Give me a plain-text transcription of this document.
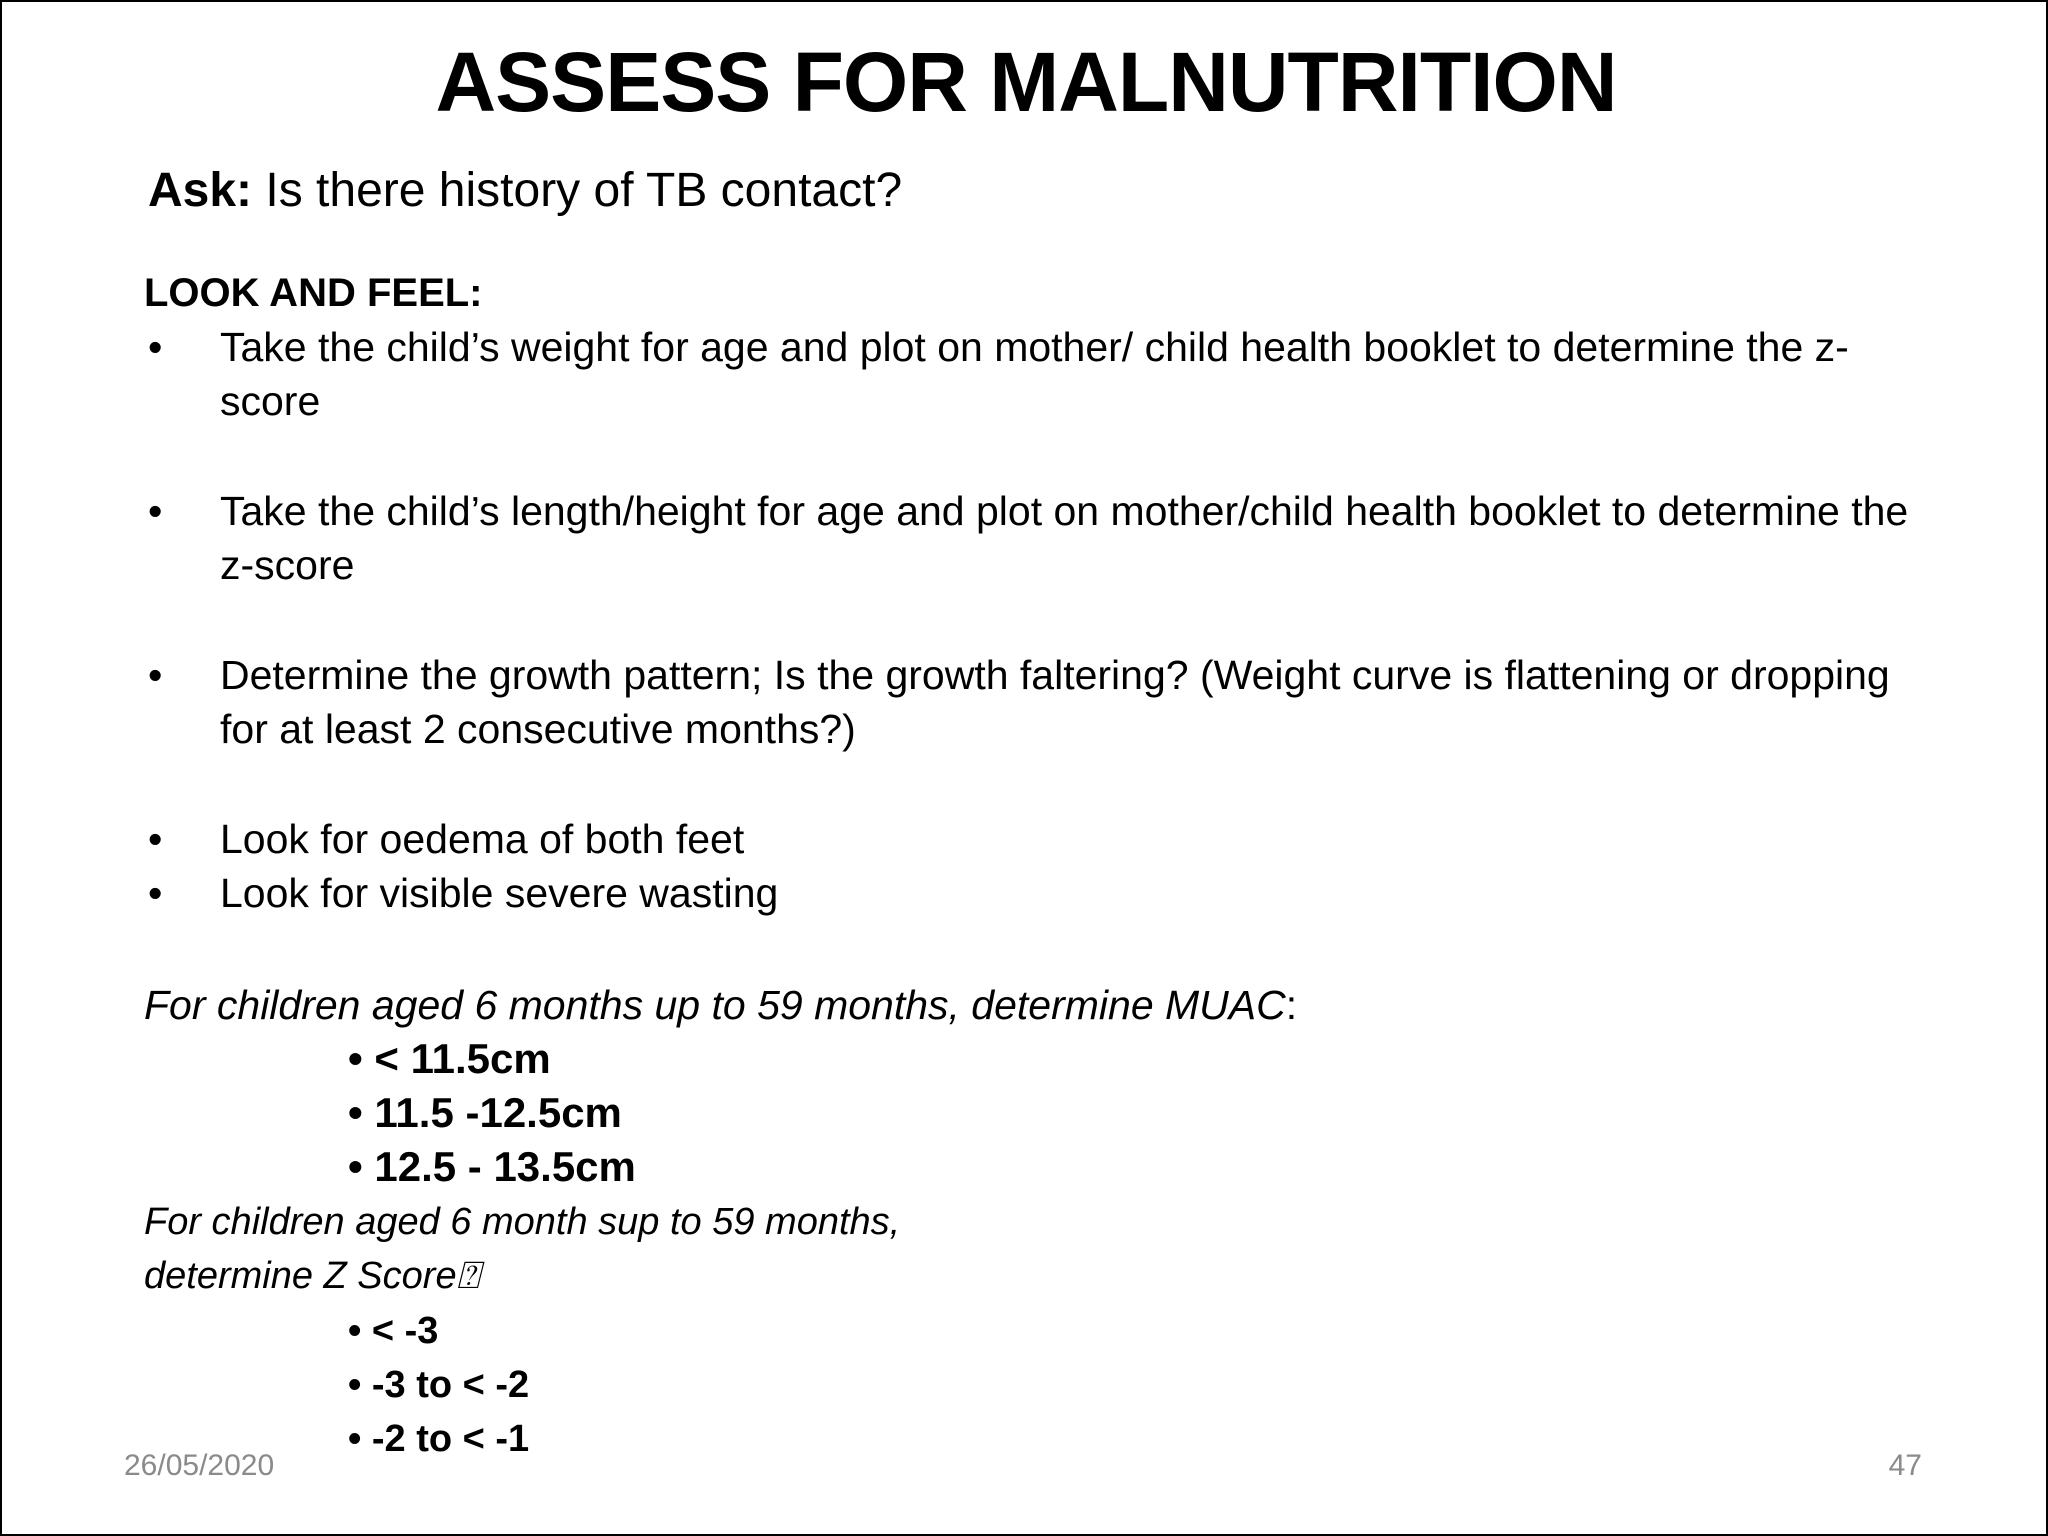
ASSESS FOR MALNUTRITION
Ask: Is there history of TB contact?
LOOK AND FEEL:
• Take the child’s weight for age and plot on mother/ child health booklet to determine the z-score
• Take the child’s length/height for age and plot on mother/child health booklet to determine the z-score
• Determine the growth pattern; Is the growth faltering? (Weight curve is flattening or dropping for at least 2 consecutive months?)
• Look for oedema of both feet
• Look for visible severe wasting
For children aged 6 months up to 59 months, determine MUAC:
• < 11.5cm
• 11.5 -12.5cm
• 12.5 - 13.5cm
For children aged 6 month sup to 59 months, determine Z Score⍰
• < -3
• -3 to < -2
• -2 to < -1
26/05/2020	47
